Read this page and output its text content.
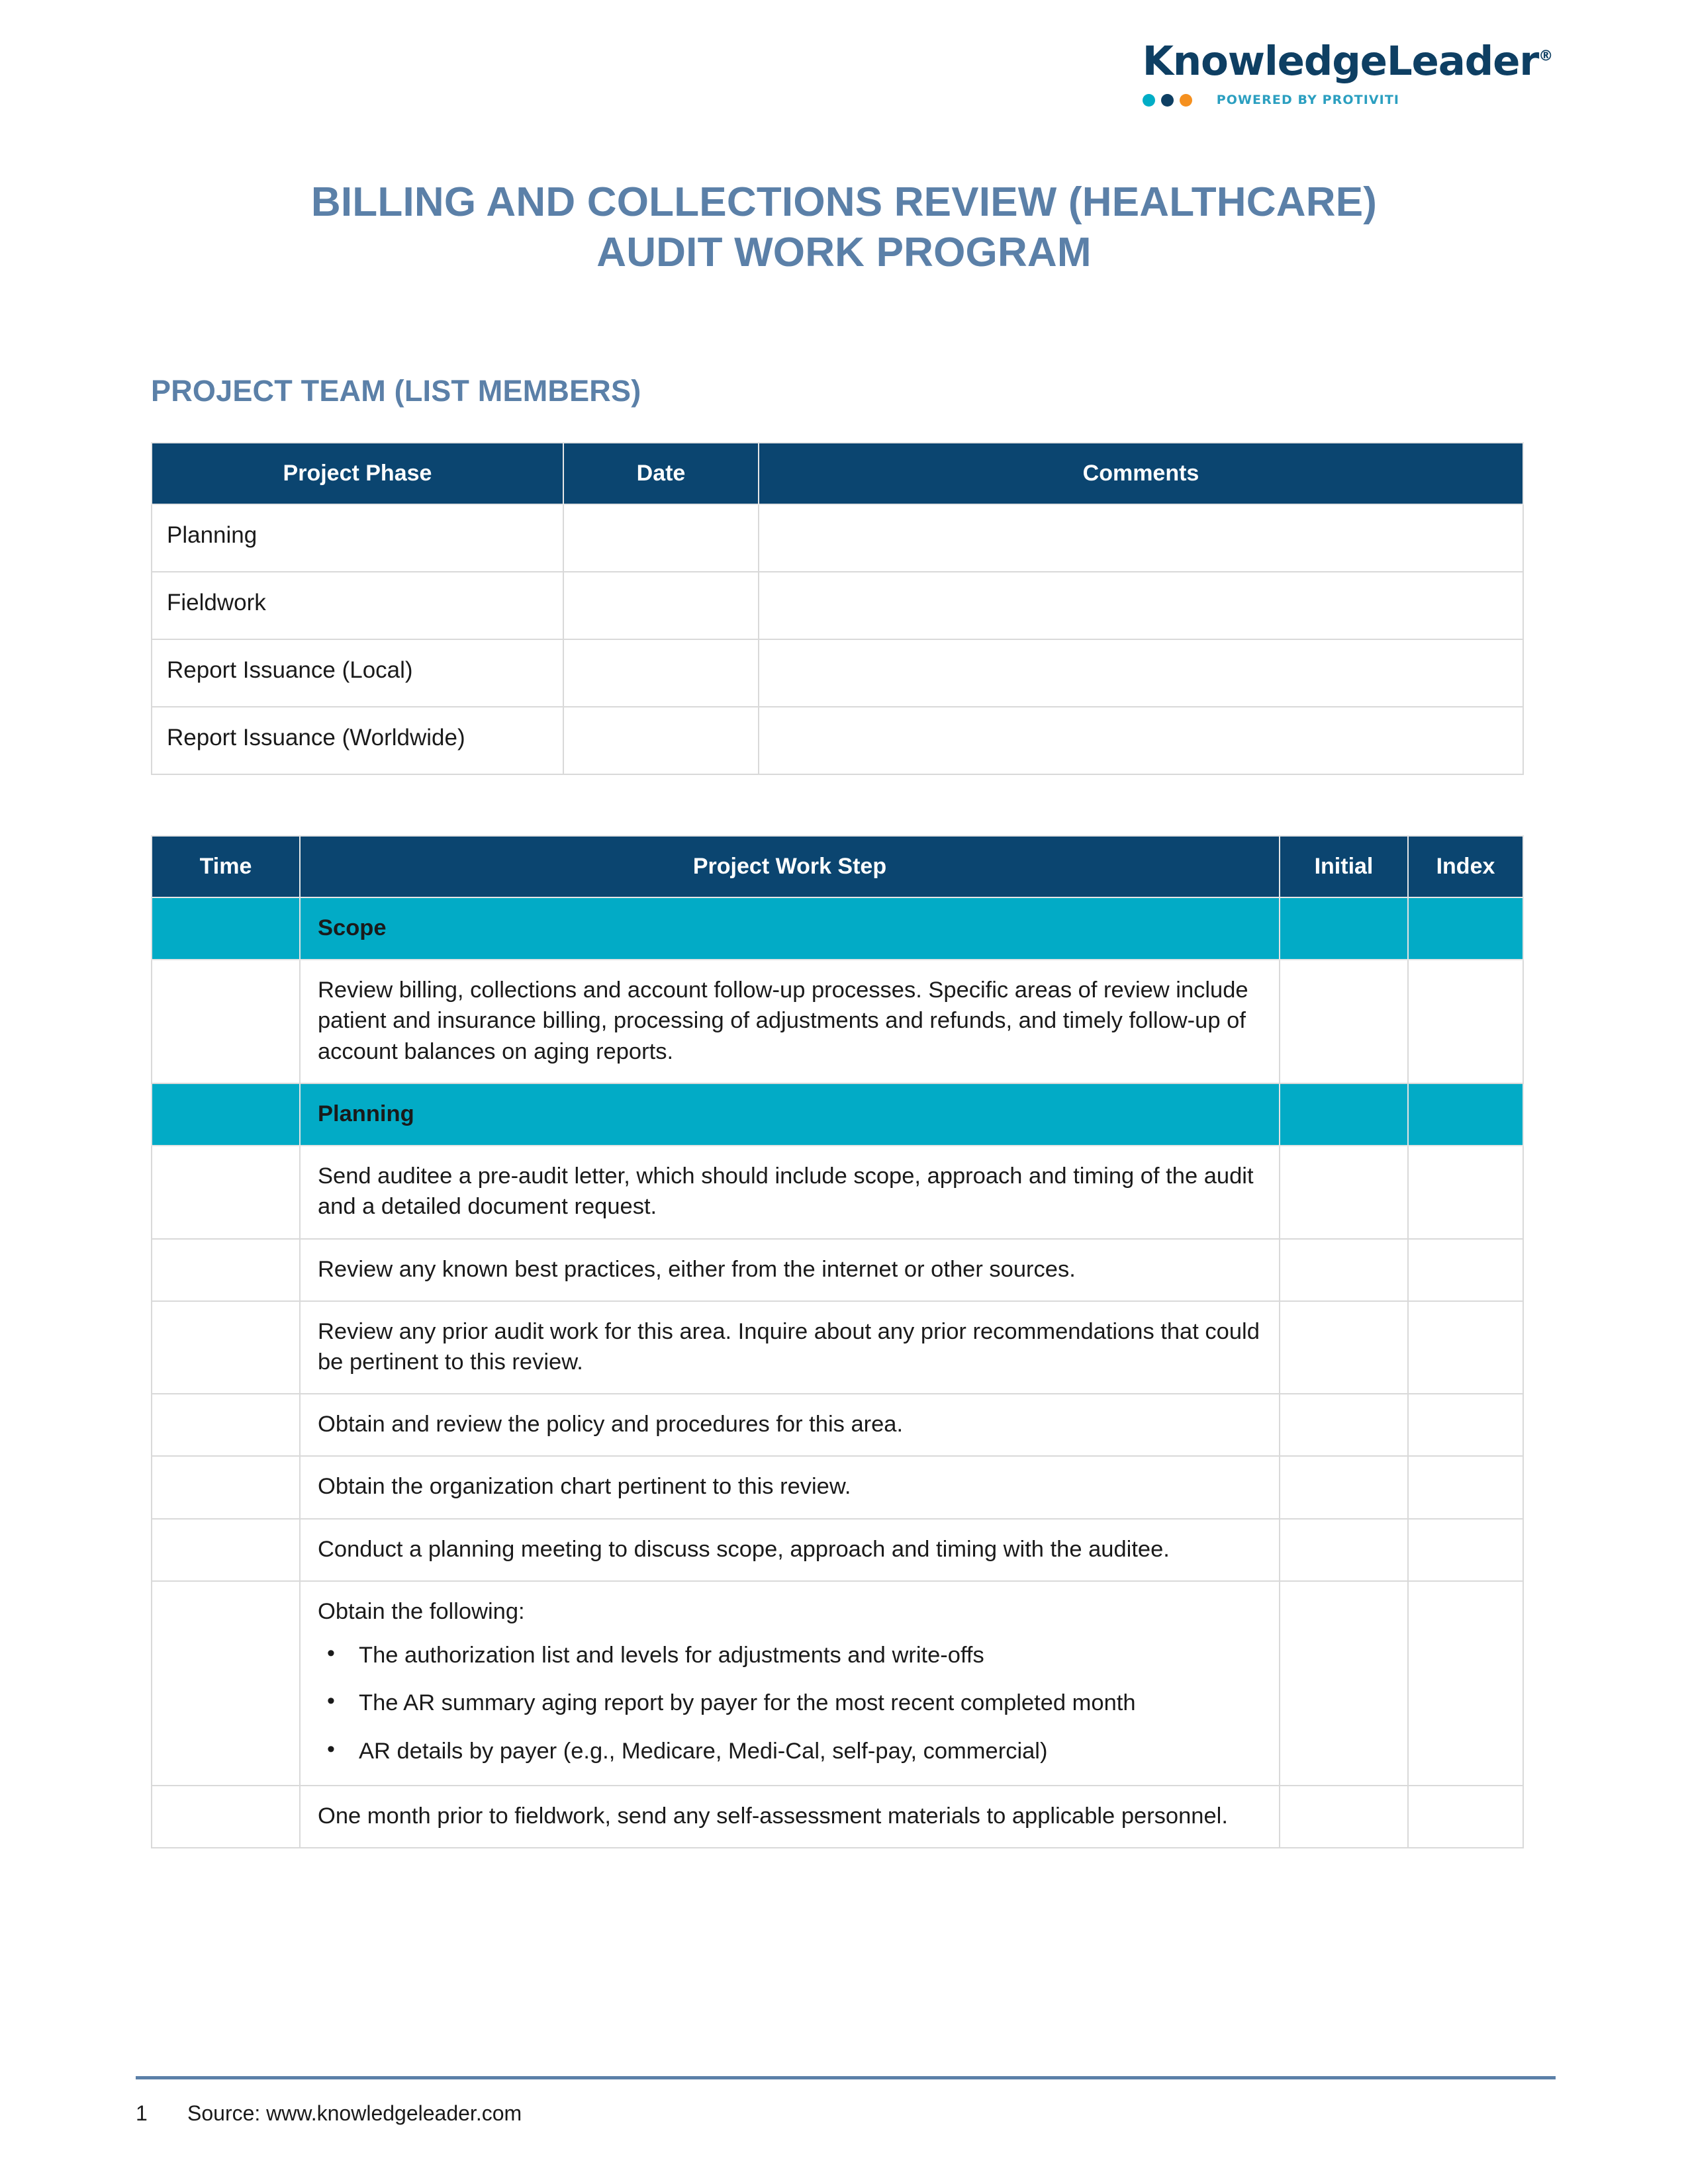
KnowledgeLeader®
POWERED BY PROTIVITI
BILLING AND COLLECTIONS REVIEW (HEALTHCARE)
AUDIT WORK PROGRAM
PROJECT TEAM (LIST MEMBERS)
Project Phase	Date	Comments
Planning		
Fieldwork		
Report Issuance (Local)		
Report Issuance (Worldwide)		
Time	Project Work Step	Initial	Index
	Scope		
	Review billing, collections and account follow-up processes. Specific areas of review include patient and insurance billing, processing of adjustments and refunds, and timely follow-up of account balances on aging reports.		
	Planning		
	Send auditee a pre-audit letter, which should include scope, approach and timing of the audit and a detailed document request.		
	Review any known best practices, either from the internet or other sources.		
	Review any prior audit work for this area. Inquire about any prior recommendations that could be pertinent to this review.		
	Obtain and review the policy and procedures for this area.		
	Obtain the organization chart pertinent to this review.		
	Conduct a planning meeting to discuss scope, approach and timing with the auditee.		

Obtain the following:

• The authorization list and levels for adjustments and write-offs
• The AR summary aging report by payer for the most recent completed month
• AR details by payer (e.g., Medicare, Medi-Cal, self-pay, commercial)

	One month prior to fieldwork, send any self-assessment materials to applicable personnel.		
1	Source: www.knowledgeleader.com
